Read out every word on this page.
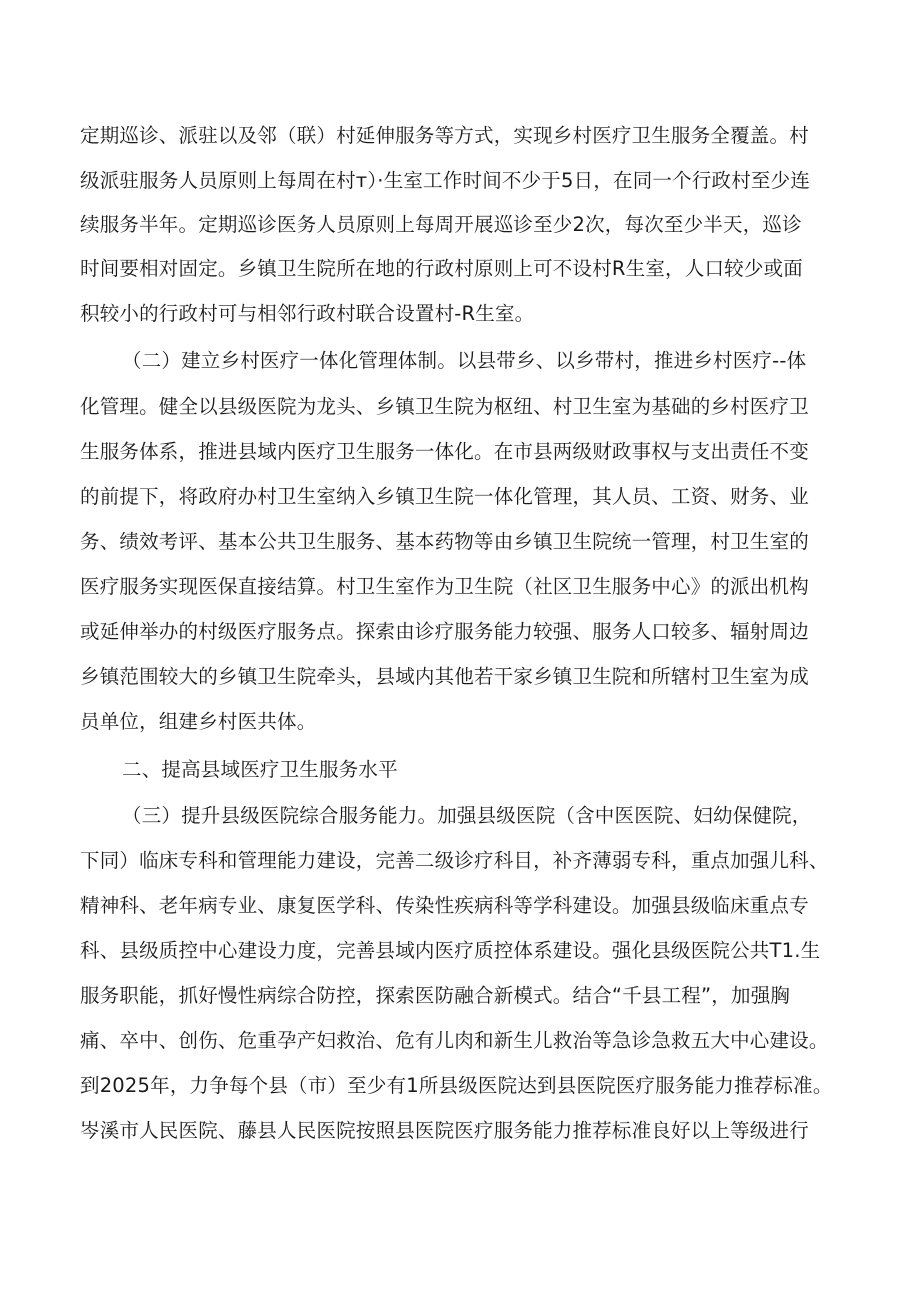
定期巡诊、派驻以及邻（联）村延伸服务等方式，实现乡村医疗卫生服务全覆盖。村
级派驻服务人员原则上每周在村т）·生室工作时间不少于5日，在同一个行政村至少连
续服务半年。定期巡诊医务人员原则上每周开展巡诊至少2次，每次至少半天，巡诊
时间要相对固定。乡镇卫生院所在地的行政村原则上可不设村R生室，人口较少或面
积较小的行政村可与相邻行政村联合设置村-R生室。
（二）建立乡村医疗一体化管理体制。以县带乡、以乡带村，推进乡村医疗--体
化管理。健全以县级医院为龙头、乡镇卫生院为枢纽、村卫生室为基础的乡村医疗卫
生服务体系，推进县域内医疗卫生服务一体化。在市县两级财政事权与支出责任不变
的前提下，将政府办村卫生室纳入乡镇卫生院一体化管理，其人员、工资、财务、业
务、绩效考评、基本公共卫生服务、基本药物等由乡镇卫生院统一管理，村卫生室的
医疗服务实现医保直接结算。村卫生室作为卫生院（社区卫生服务中心》的派出机构
或延伸举办的村级医疗服务点。探索由诊疗服务能力较强、服务人口较多、辐射周边
乡镇范围较大的乡镇卫生院牵头，县域内其他若干家乡镇卫生院和所辖村卫生室为成
员单位，组建乡村医共体。
二、提高县域医疗卫生服务水平
（三）提升县级医院综合服务能力。加强县级医院（含中医医院、妇幼保健院，
下同）临床专科和管理能力建设，完善二级诊疗科目，补齐薄弱专科，重点加强儿科、
精神科、老年病专业、康复医学科、传染性疾病科等学科建设。加强县级临床重点专
科、县级质控中心建设力度，完善县域内医疗质控体系建设。强化县级医院公共T1.生
服务职能，抓好慢性病综合防控，探索医防融合新模式。结合“千县工程”，加强胸
痛、卒中、创伤、危重孕产妇救治、危有儿肉和新生儿救治等急诊急救五大中心建设。
到2025年，力争每个县（市）至少有1所县级医院达到县医院医疗服务能力推荐标准。
岑溪市人民医院、藤县人民医院按照县医院医疗服务能力推荐标准良好以上等级进行
